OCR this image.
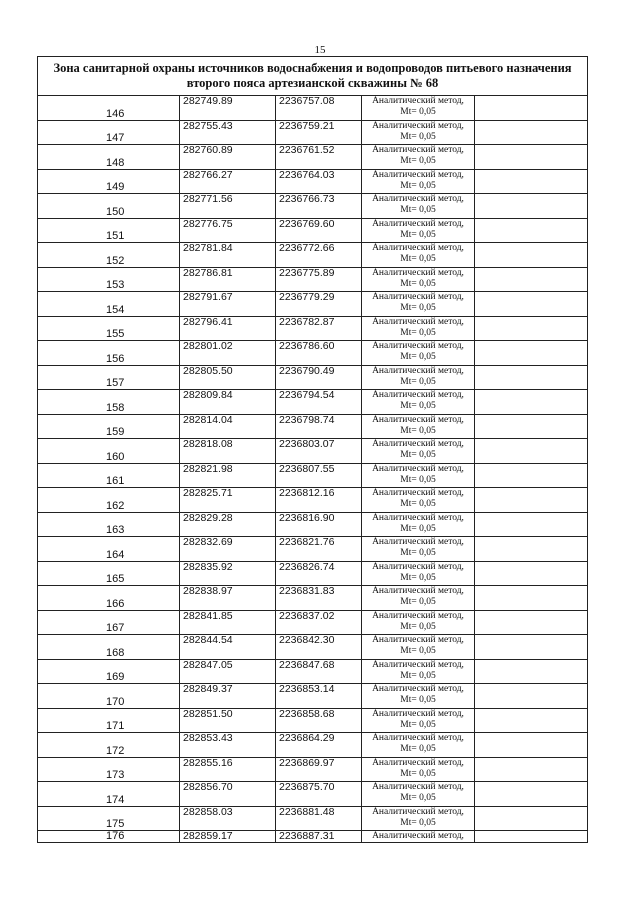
15
Зона санитарной охраны источников водоснабжения и водопроводов питьевого назначения
второго пояса артезианской скважины № 68				
146	282749.89	2236757.08	Аналитический метод,
Mt= 0,05	

147	282755.43	2236759.21	Аналитический метод,
Mt= 0,05	

148	282760.89	2236761.52	Аналитический метод,
Mt= 0,05	

149	282766.27	2236764.03	Аналитический метод,
Mt= 0,05	

150	282771.56	2236766.73	Аналитический метод,
Mt= 0,05	

151	282776.75	2236769.60	Аналитический метод,
Mt= 0,05	

152	282781.84	2236772.66	Аналитический метод,
Mt= 0,05	

153	282786.81	2236775.89	Аналитический метод,
Mt= 0,05	

154	282791.67	2236779.29	Аналитический метод,
Mt= 0,05	

155	282796.41	2236782.87	Аналитический метод,
Mt= 0,05	

156	282801.02	2236786.60	Аналитический метод,
Mt= 0,05	

157	282805.50	2236790.49	Аналитический метод,
Mt= 0,05	

158	282809.84	2236794.54	Аналитический метод,
Mt= 0,05	

159	282814.04	2236798.74	Аналитический метод,
Mt= 0,05	

160	282818.08	2236803.07	Аналитический метод,
Mt= 0,05	

161	282821.98	2236807.55	Аналитический метод,
Mt= 0,05	

162	282825.71	2236812.16	Аналитический метод,
Mt= 0,05	

163	282829.28	2236816.90	Аналитический метод,
Mt= 0,05	

164	282832.69	2236821.76	Аналитический метод,
Mt= 0,05	

165	282835.92	2236826.74	Аналитический метод,
Mt= 0,05	

166	282838.97	2236831.83	Аналитический метод,
Mt= 0,05	

167	282841.85	2236837.02	Аналитический метод,
Mt= 0,05	

168	282844.54	2236842.30	Аналитический метод,
Mt= 0,05	

169	282847.05	2236847.68	Аналитический метод,
Mt= 0,05	

170	282849.37	2236853.14	Аналитический метод,
Mt= 0,05	

171	282851.50	2236858.68	Аналитический метод,
Mt= 0,05	

172	282853.43	2236864.29	Аналитический метод,
Mt= 0,05	

173	282855.16	2236869.97	Аналитический метод,
Mt= 0,05	

174	282856.70	2236875.70	Аналитический метод,
Mt= 0,05	

175	282858.03	2236881.48	Аналитический метод,
Mt= 0,05	

176	282859.17	2236887.31	Аналитический метод,	
